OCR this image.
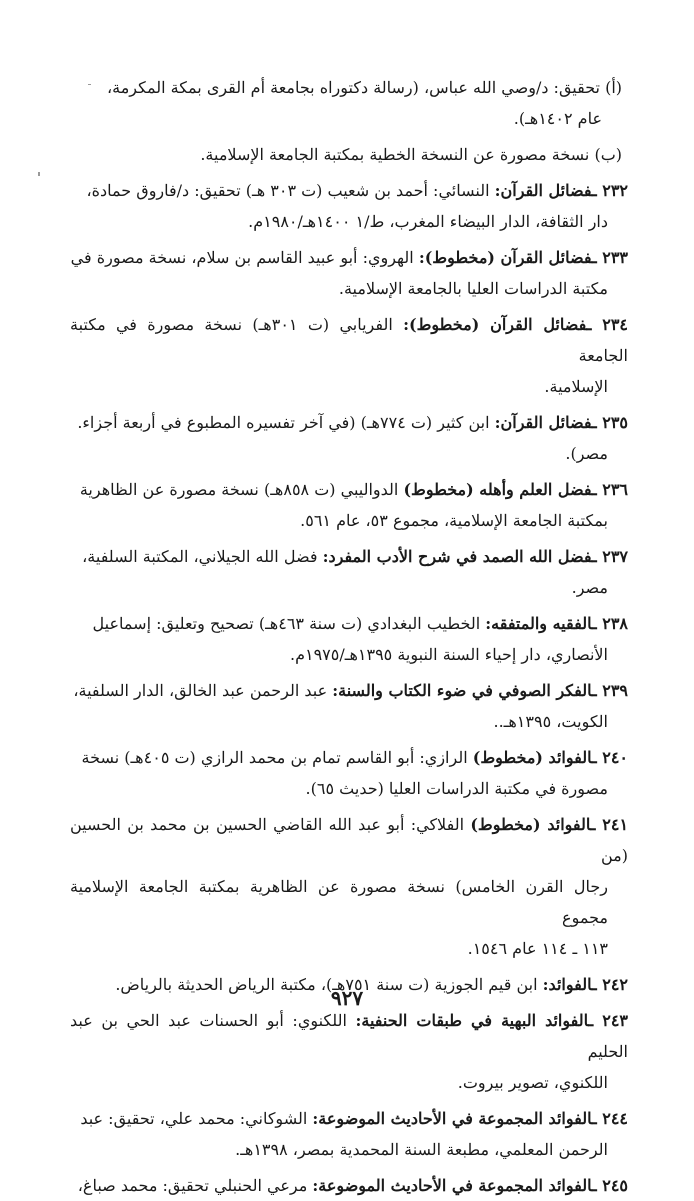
(أ) تحقيق: د/وصي الله عباس، (رسالة دكتوراه بجامعة أم القرى بمكة المكرمة،
عام ١٤٠٢هـ).
(ب) نسخة مصورة عن النسخة الخطية بمكتبة الجامعة الإسلامية.
٢٣٢ ـفضائل القرآن: النسائي: أحمد بن شعيب (ت ٣٠٣ هـ) تحقيق: د/فاروق حمادة،
دار الثقافة، الدار البيضاء المغرب، ط/١ ١٤٠٠هـ/١٩٨٠م.
٢٣٣ ـفضائل القرآن (مخطوط): الهروي: أبو عبيد القاسم بن سلام، نسخة مصورة في
مكتبة الدراسات العليا بالجامعة الإسلامية.
٢٣٤ ـفضائل القرآن (مخطوط): الفريابي (ت ٣٠١هـ) نسخة مصورة في مكتبة الجامعة
الإسلامية.
٢٣٥ ـفضائل القرآن: ابن كثير (ت ٧٧٤هـ) (في آخر تفسيره المطبوع في أربعة أجزاء.
مصر).
٢٣٦ ـفضل العلم وأهله (مخطوط) الدواليبي (ت ٨٥٨هـ) نسخة مصورة عن الظاهرية
بمكتبة الجامعة الإسلامية، مجموع ٥٣، عام ٥٦١.
٢٣٧ ـفضل الله الصمد في شرح الأدب المفرد: فضل الله الجيلاني، المكتبة السلفية،
مصر.
٢٣٨ ـالفقيه والمتفقه: الخطيب البغدادي (ت سنة ٤٦٣هـ) تصحيح وتعليق: إسماعيل
الأنصاري، دار إحياء السنة النبوية ١٣٩٥هـ/١٩٧٥م.
٢٣٩ ـالفكر الصوفي في ضوء الكتاب والسنة: عبد الرحمن عبد الخالق، الدار السلفية،
الكويت، ١٣٩٥هـ..
٢٤٠ ـالفوائد (مخطوط) الرازي: أبو القاسم تمام بن محمد الرازي (ت ٤٠٥هـ) نسخة
مصورة في مكتبة الدراسات العليا (حديث ٦٥).
٢٤١ ـالفوائد (مخطوط) الفلاكي: أبو عبد الله القاضي الحسين بن محمد بن الحسين (من
رجال القرن الخامس) نسخة مصورة عن الظاهرية بمكتبة الجامعة الإسلامية مجموع
١١٣ ـ ١١٤ عام ١٥٤٦.
٢٤٢ ـالفوائد: ابن قيم الجوزية (ت سنة ٧٥١هـ)، مكتبة الرياض الحديثة بالرياض.
٢٤٣ ـالفوائد البهية في طبقات الحنفية: اللكنوي: أبو الحسنات عبد الحي بن عبد الحليم
اللكنوي، تصوير بيروت.
٢٤٤ ـالفوائد المجموعة في الأحاديث الموضوعة: الشوكاني: محمد علي، تحقيق: عبد
الرحمن المعلمي، مطبعة السنة المحمدية بمصر، ١٣٩٨هـ.
٢٤٥ ـالفوائد المجموعة في الأحاديث الموضوعة: مرعي الحنبلي تحقيق: محمد صباغ،
٩٢٧
